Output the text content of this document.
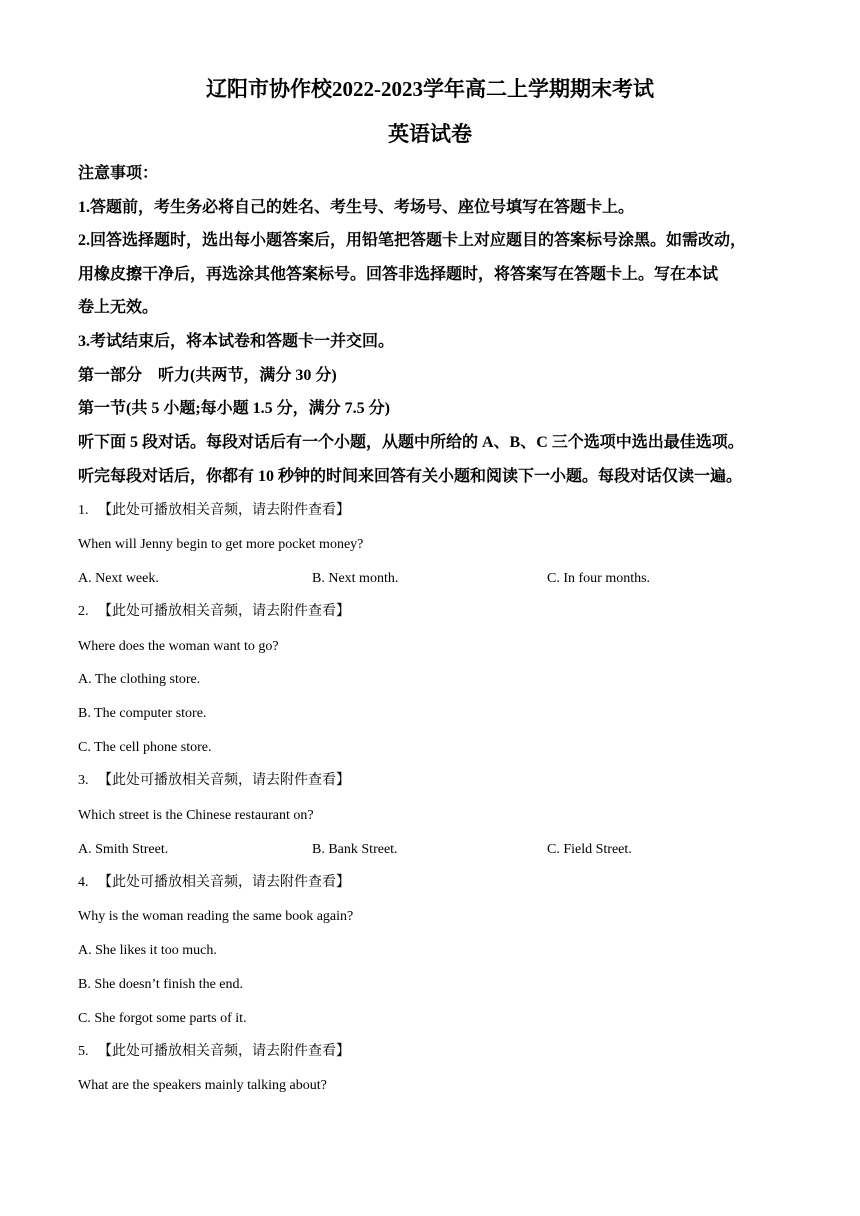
辽阳市协作校2022-2023学年高二上学期期末考试
英语试卷
注意事项：
1.答题前，考生务必将自己的姓名、考生号、考场号、座位号填写在答题卡上。
2.回答选择题时，选出每小题答案后，用铅笔把答题卡上对应题目的答案标号涂黑。如需改动，
用橡皮擦干净后，再选涂其他答案标号。回答非选择题时，将答案写在答题卡上。写在本试
卷上无效。
3.考试结束后，将本试卷和答题卡一并交回。
第一部分　听力(共两节，满分 30 分)
第一节(共 5 小题;每小题 1.5 分，满分 7.5 分)
听下面 5 段对话。每段对话后有一个小题，从题中所给的 A、B、C 三个选项中选出最佳选项。
听完每段对话后，你都有 10 秒钟的时间来回答有关小题和阅读下一小题。每段对话仅读一遍。
1. 【此处可播放相关音频，请去附件查看】
When will Jenny begin to get more pocket money?
A. Next week.	B. Next month.	C. In four months.
2. 【此处可播放相关音频，请去附件查看】
Where does the woman want to go?
A. The clothing store.
B. The computer store.
C. The cell phone store.
3. 【此处可播放相关音频，请去附件查看】
Which street is the Chinese restaurant on?
A. Smith Street.	B. Bank Street.	C. Field Street.
4. 【此处可播放相关音频，请去附件查看】
Why is the woman reading the same book again?
A. She likes it too much.
B. She doesn’t finish the end.
C. She forgot some parts of it.
5. 【此处可播放相关音频，请去附件查看】
What are the speakers mainly talking about?
